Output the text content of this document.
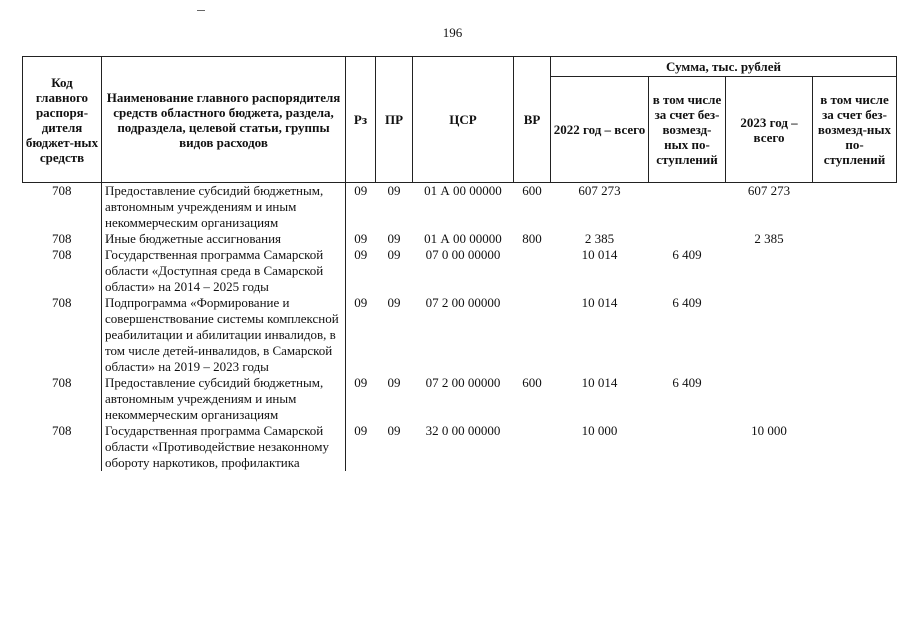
196
Код главного распоря-дителя бюджет-ных средств	Наименование главного распорядителя средств областного бюджета, раздела, подраздела, целевой статьи, группы видов расходов	Рз	ПР	ЦСР	ВР	Сумма, тыс. рублей			
						2022 год – всего	в том числе за счет без-возмезд-ных по-ступлений	2023 год – всего	в том числе за счет без-возмезд-ных по-ступлений
708	Предоставление субсидий бюджетным, автономным учреждениям и иным некоммерческим организациям	09	09	01 А 00 00000	600	607 273		607 273	
708	Иные бюджетные ассигнования	09	09	01 А 00 00000	800	2 385		2 385	
708	Государственная программа Самарской области «Доступная среда в Самарской области» на 2014 – 2025 годы	09	09	07 0 00 00000		10 014	6 409		
708	Подпрограмма «Формирование и совершенствование системы комплексной реабилитации и абилитации инвалидов, в том числе детей-инвалидов, в Самарской области» на 2019 – 2023 годы	09	09	07 2 00 00000		10 014	6 409		
708	Предоставление субсидий бюджетным, автономным учреждениям и иным некоммерческим организациям	09	09	07 2 00 00000	600	10 014	6 409		
708	Государственная программа Самарской области «Противодействие незаконному обороту наркотиков, профилактика	09	09	32 0 00 00000		10 000		10 000	
